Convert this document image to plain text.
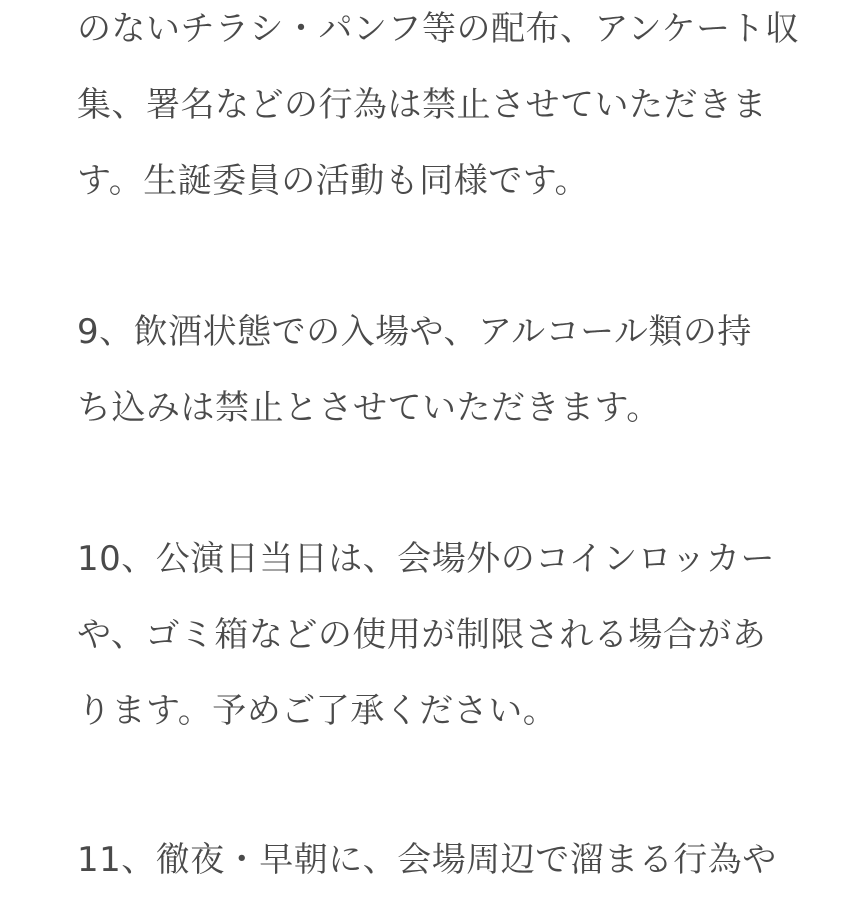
のないチラシ・パンフ等の配布、アンケート収
集、署名などの行為は禁止させていただきま
す。生誕委員の活動も同様です。
9、飲酒状態での入場や、アルコール類の持
ち込みは禁止とさせていただきます。
10、公演日当日は、会場外のコインロッカー
や、ゴミ箱などの使用が制限される場合があ
ります。予めご了承ください。
11、徹夜・早朝に、会場周辺で溜まる行為や
